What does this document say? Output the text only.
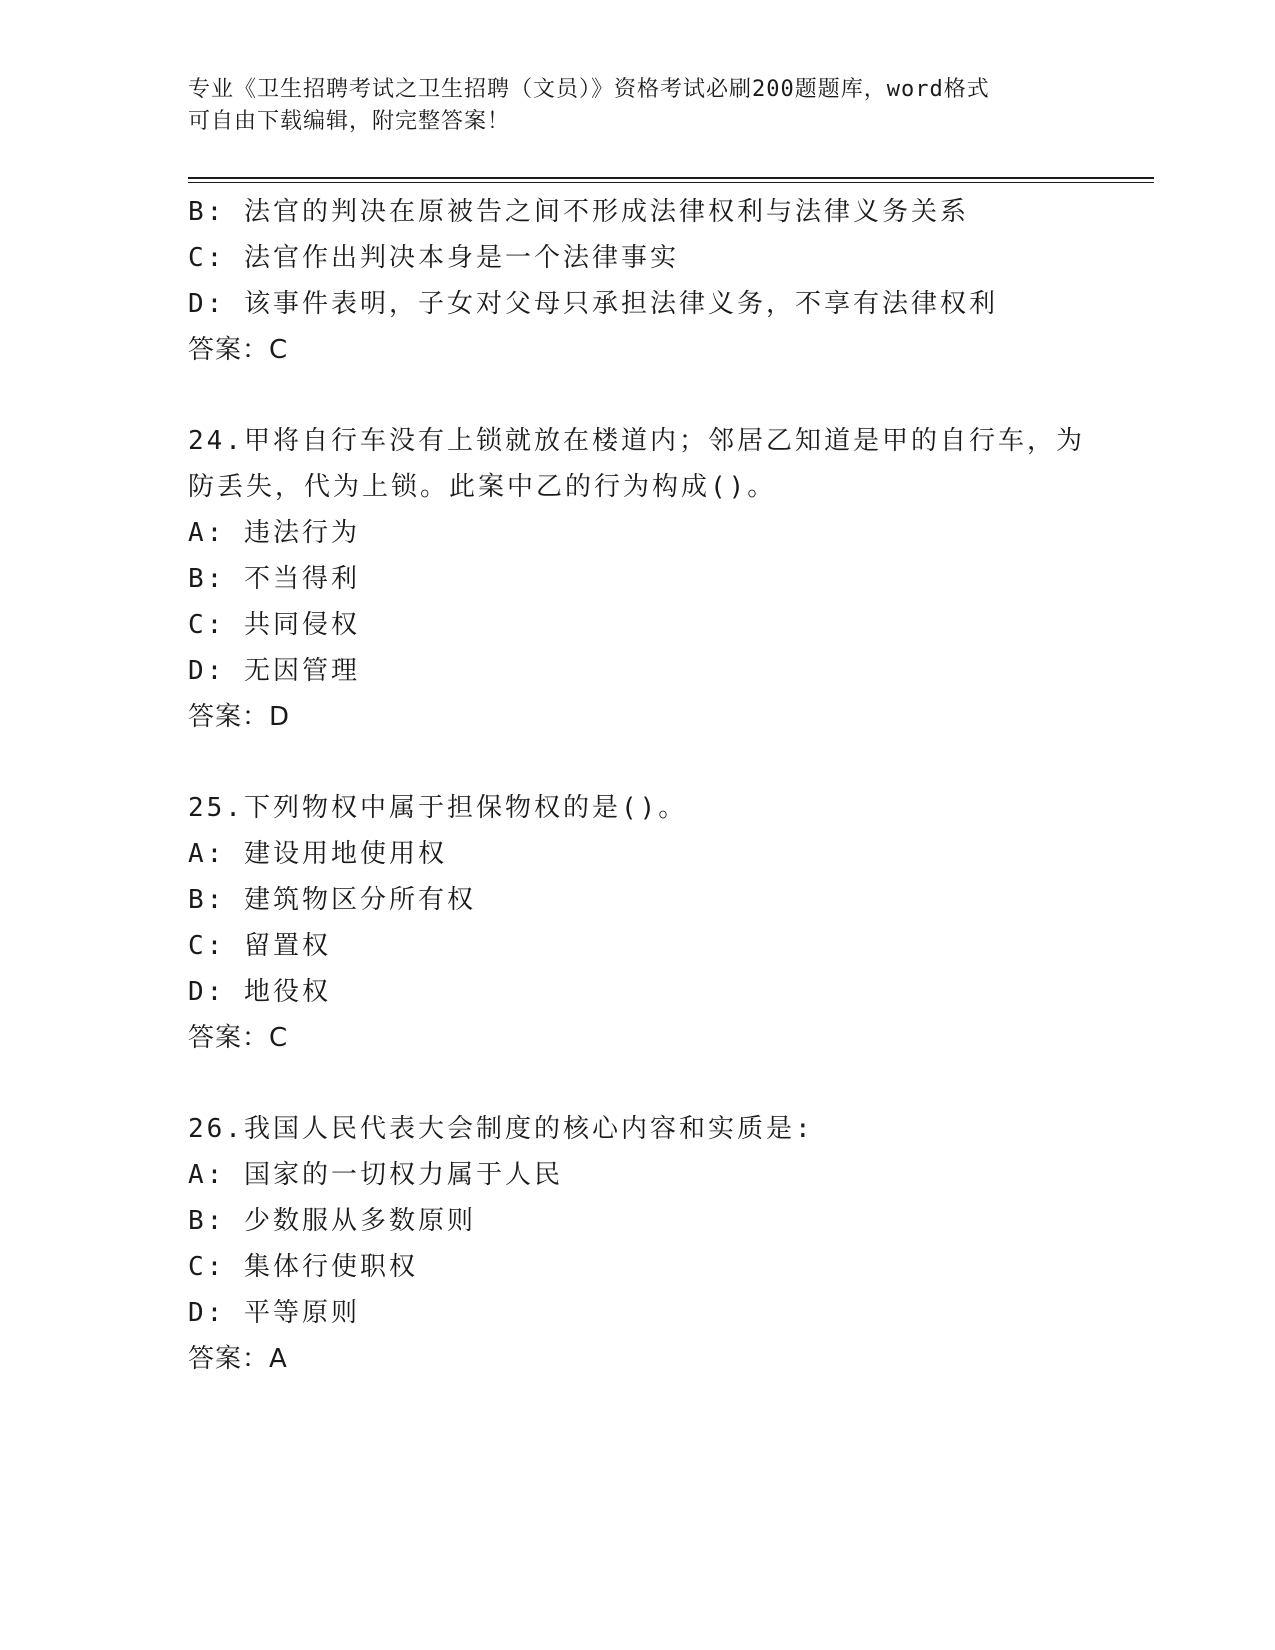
专业《卫生招聘考试之卫生招聘（文员）》资格考试必刷200题题库，word格式
可自由下载编辑，附完整答案！
B: 法官的判决在原被告之间不形成法律权利与法律义务关系
C: 法官作出判决本身是一个法律事实
D: 该事件表明，子女对父母只承担法律义务，不享有法律权利
答案：C
24.甲将自行车没有上锁就放在楼道内；邻居乙知道是甲的自行车，为
防丢失，代为上锁。此案中乙的行为构成()。
A: 违法行为
B: 不当得利
C: 共同侵权
D: 无因管理
答案：D
25.下列物权中属于担保物权的是()。
A: 建设用地使用权
B: 建筑物区分所有权
C: 留置权
D: 地役权
答案：C
26.我国人民代表大会制度的核心内容和实质是:
A: 国家的一切权力属于人民
B: 少数服从多数原则
C: 集体行使职权
D: 平等原则
答案：A
